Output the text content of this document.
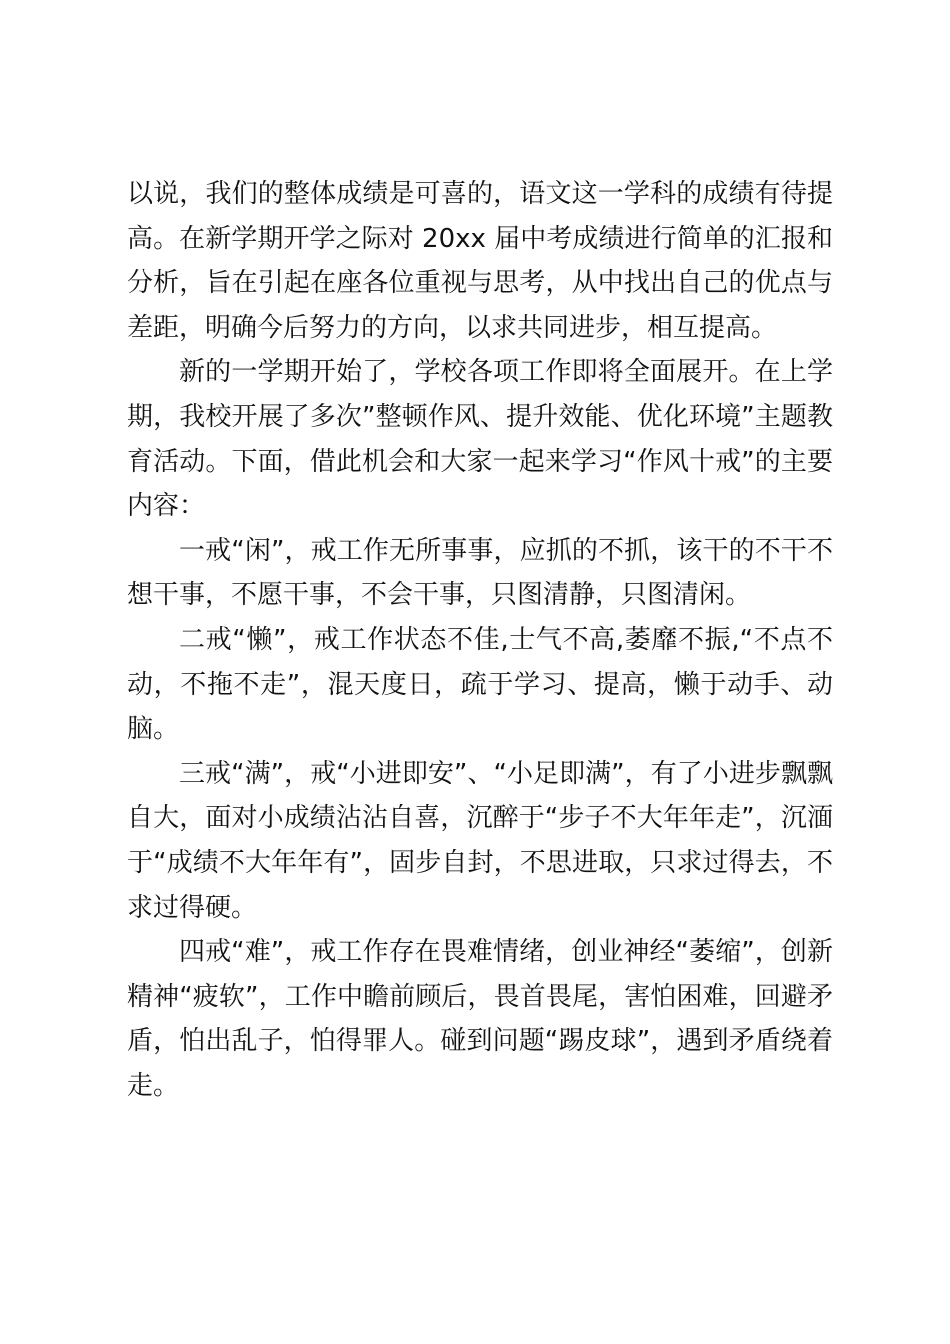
以说，我们的整体成绩是可喜的，语文这一学科的成绩有待提高。在新学期开学之际对 20xx 届中考成绩进行简单的汇报和分析，旨在引起在座各位重视与思考，从中找出自己的优点与差距，明确今后努力的方向，以求共同进步，相互提高。

新的一学期开始了，学校各项工作即将全面展开。在上学期，我校开展了多次”整顿作风、提升效能、优化环境”主题教育活动。下面，借此机会和大家一起来学习“作风十戒”的主要内容：

一戒“闲”，戒工作无所事事，应抓的不抓，该干的不干不想干事，不愿干事，不会干事，只图清静，只图清闲。

二戒“懒”，戒工作状态不佳,士气不高,萎靡不振,“不点不动，不拖不走”，混天度日，疏于学习、提高，懒于动手、动脑。

三戒“满”，戒“小进即安”、“小足即满”，有了小进步飘飘自大，面对小成绩沾沾自喜，沉醉于“步子不大年年走”，沉湎于“成绩不大年年有”，固步自封，不思进取，只求过得去，不求过得硬。

四戒“难”，戒工作存在畏难情绪，创业神经“萎缩”，创新精神“疲软”，工作中瞻前顾后，畏首畏尾，害怕困难，回避矛盾，怕出乱子，怕得罪人。碰到问题“踢皮球”，遇到矛盾绕着走。
